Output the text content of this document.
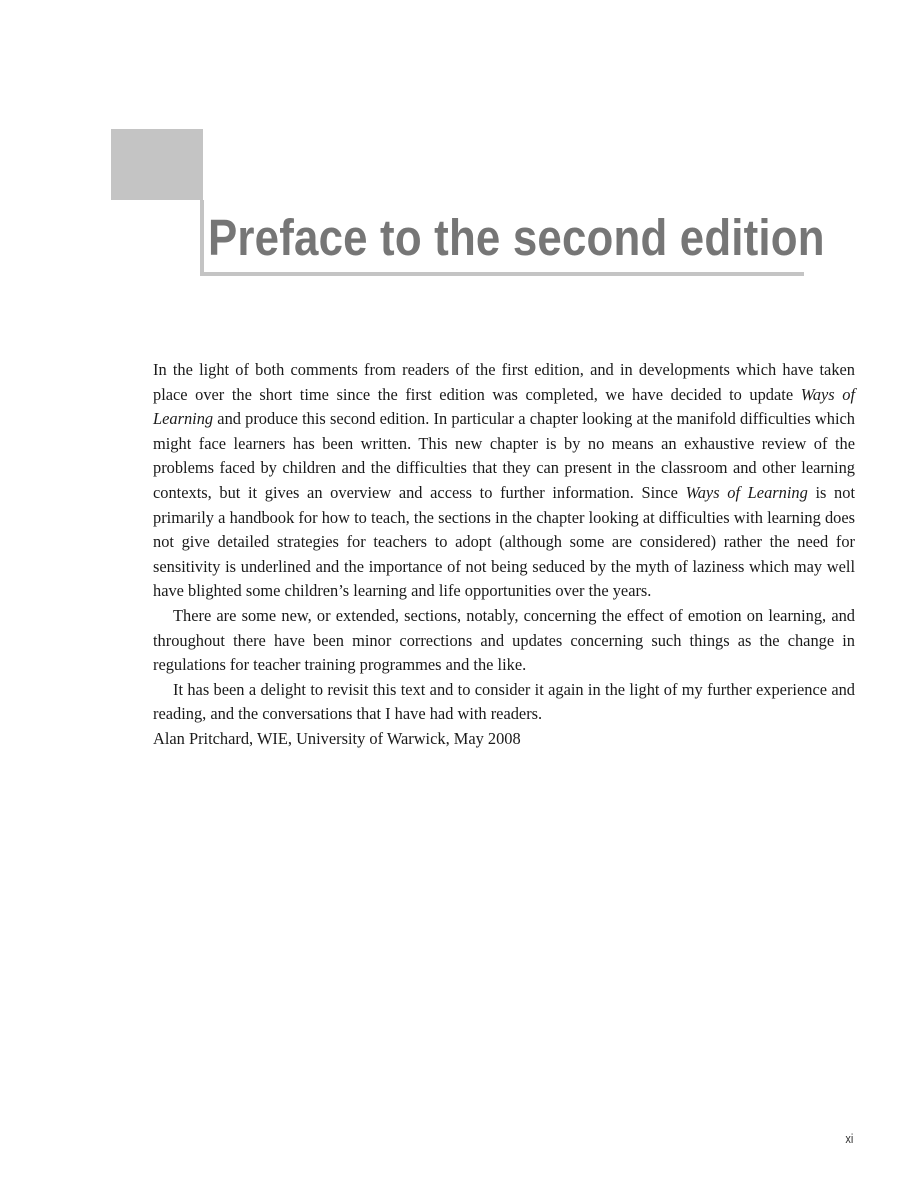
Preface to the second edition

In the light of both comments from readers of the first edition, and in developments which have taken place over the short time since the first edition was completed, we have decided to update Ways of Learning and produce this second edition. In particular a chapter looking at the manifold difficulties which might face learners has been written. This new chapter is by no means an exhaustive review of the problems faced by children and the difficulties that they can present in the classroom and other learning contexts, but it gives an overview and access to further information. Since Ways of Learning is not primarily a handbook for how to teach, the sections in the chapter looking at difficulties with learning does not give detailed strategies for teachers to adopt (although some are considered) rather the need for sensitivity is underlined and the importance of not being seduced by the myth of laziness which may well have blighted some children’s learning and life opportunities over the years.

There are some new, or extended, sections, notably, concerning the effect of emotion on learning, and throughout there have been minor corrections and updates concerning such things as the change in regulations for teacher training programmes and the like.

It has been a delight to revisit this text and to consider it again in the light of my further experience and reading, and the conversations that I have had with readers.

Alan Pritchard, WIE, University of Warwick, May 2008

xi
